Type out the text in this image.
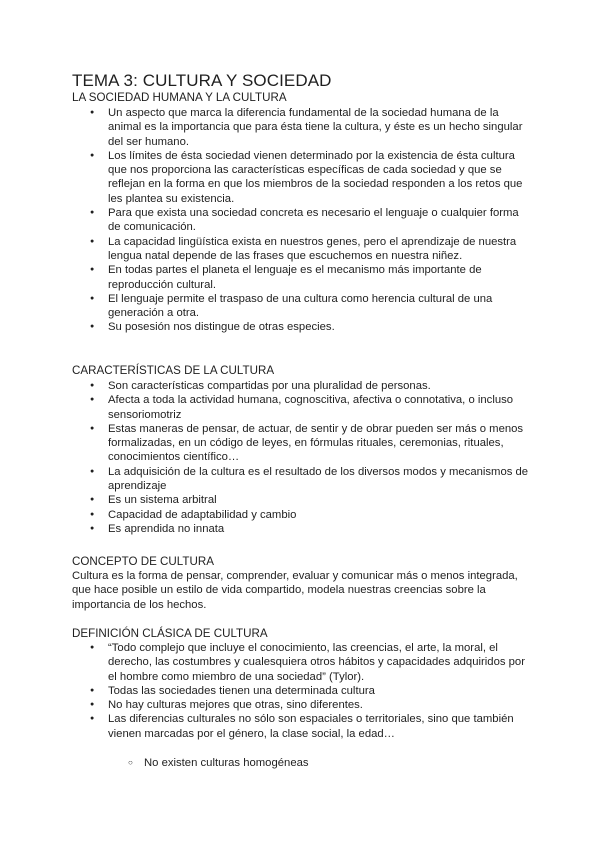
TEMA 3: CULTURA Y SOCIEDAD
LA SOCIEDAD HUMANA Y LA CULTURA
● Un aspecto que marca la diferencia fundamental de la sociedad humana de la animal es la importancia que para ésta tiene la cultura, y éste es un hecho singular del ser humano.
● Los límites de ésta sociedad vienen determinado por la existencia de ésta cultura que nos proporciona las características específicas de cada sociedad y que se reflejan en la forma en que los miembros de la sociedad responden a los retos que les plantea su existencia.
● Para que exista una sociedad concreta es necesario el lenguaje o cualquier forma de comunicación.
● La capacidad lingüística exista en nuestros genes, pero el aprendizaje de nuestra lengua natal depende de las frases que escuchemos en nuestra niñez.
● En todas partes el planeta el lenguaje es el mecanismo más importante de reproducción cultural.
● El lenguaje permite el traspaso de una cultura como herencia cultural de una generación a otra.
● Su posesión nos distingue de otras especies.
CARACTERÍSTICAS DE LA CULTURA
● Son características compartidas por una pluralidad de personas.
● Afecta a toda la actividad humana, cognoscitiva, afectiva o connotativa, o incluso sensoriomotriz
● Estas maneras de pensar, de actuar, de sentir y de obrar pueden ser más o menos formalizadas, en un código de leyes, en fórmulas rituales, ceremonias, rituales, conocimientos científico…
● La adquisición de la cultura es el resultado de los diversos modos y mecanismos de aprendizaje
● Es un sistema arbitral
● Capacidad de adaptabilidad y cambio
● Es aprendida no innata
CONCEPTO DE CULTURA

Cultura es la forma de pensar, comprender, evaluar y comunicar más o menos integrada, que hace posible un estilo de vida compartido, modela nuestras creencias sobre la importancia de los hechos.

DEFINICIÓN CLÁSICA DE CULTURA
● “Todo complejo que incluye el conocimiento, las creencias, el arte, la moral, el derecho, las costumbres y cualesquiera otros hábitos y capacidades adquiridos por el hombre como miembro de una sociedad” (Tylor).
● Todas las sociedades tienen una determinada cultura
● No hay culturas mejores que otras, sino diferentes.
● Las diferencias culturales no sólo son espaciales o territoriales, sino que también vienen marcadas por el género, la clase social, la edad…
○ No existen culturas homogéneas
